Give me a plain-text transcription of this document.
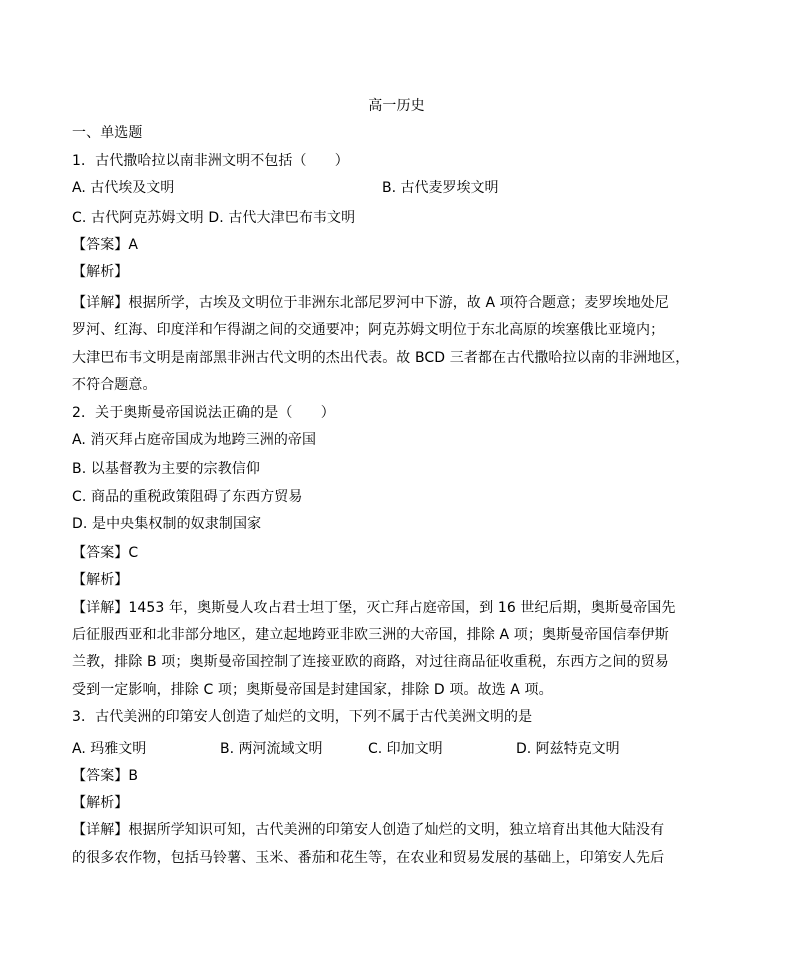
高一历史
一、单选题
1．古代撒哈拉以南非洲文明不包括（　　）
A. 古代埃及文明	B. 古代麦罗埃文明
C. 古代阿克苏姆文明 D. 古代大津巴布韦文明
【答案】A
【解析】
【详解】根据所学，古埃及文明位于非洲东北部尼罗河中下游，故 A 项符合题意；麦罗埃地处尼
罗河、红海、印度洋和乍得湖之间的交通要冲；阿克苏姆文明位于东北高原的埃塞俄比亚境内；
大津巴布韦文明是南部黑非洲古代文明的杰出代表。故 BCD 三者都在古代撒哈拉以南的非洲地区，
不符合题意。
2．关于奥斯曼帝国说法正确的是（　　）
A. 消灭拜占庭帝国成为地跨三洲的帝国
B. 以基督教为主要的宗教信仰
C. 商品的重税政策阻碍了东西方贸易
D. 是中央集权制的奴隶制国家
【答案】C
【解析】
【详解】1453 年，奥斯曼人攻占君士坦丁堡，灭亡拜占庭帝国，到 16 世纪后期，奥斯曼帝国先
后征服西亚和北非部分地区，建立起地跨亚非欧三洲的大帝国，排除 A 项；奥斯曼帝国信奉伊斯
兰教，排除 B 项；奥斯曼帝国控制了连接亚欧的商路，对过往商品征收重税，东西方之间的贸易
受到一定影响，排除 C 项；奥斯曼帝国是封建国家，排除 D 项。故选 A 项。
3．古代美洲的印第安人创造了灿烂的文明，下列不属于古代美洲文明的是
A. 玛雅文明	B. 两河流域文明	C. 印加文明	D. 阿兹特克文明
【答案】B
【解析】
【详解】根据所学知识可知，古代美洲的印第安人创造了灿烂的文明，独立培育出其他大陆没有
的很多农作物，包括马铃薯、玉米、番茄和花生等，在农业和贸易发展的基础上，印第安人先后
